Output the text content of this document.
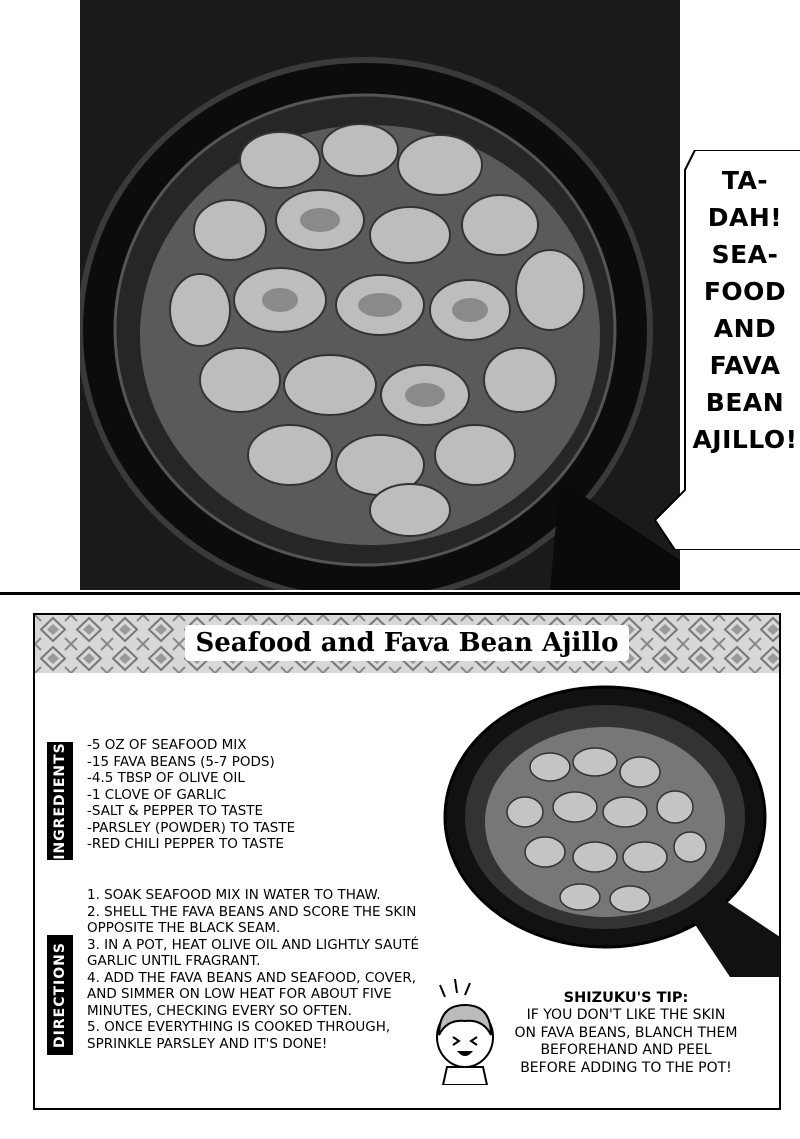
TA-DAH!
SEA-
FOOD
AND
FAVA
BEAN
AJILLO!
Seafood and Fava Bean Ajillo
INGREDIENTS -5 OZ OF SEAFOOD MIX
-15 FAVA BEANS (5-7 PODS)
-4.5 TBSP OF OLIVE OIL
-1 CLOVE OF GARLIC
-SALT & PEPPER TO TASTE
-PARSLEY (POWDER) TO TASTE
-RED CHILI PEPPER TO TASTE
DIRECTIONS
1. SOAK SEAFOOD MIX IN WATER TO THAW.
2. SHELL THE FAVA BEANS AND SCORE THE SKIN OPPOSITE THE BLACK SEAM.
3. IN A POT, HEAT OLIVE OIL AND LIGHTLY SAUTÉ GARLIC UNTIL FRAGRANT.
4. ADD THE FAVA BEANS AND SEAFOOD, COVER, AND SIMMER ON LOW HEAT FOR ABOUT FIVE MINUTES, CHECKING EVERY SO OFTEN.
5. ONCE EVERYTHING IS COOKED THROUGH, SPRINKLE PARSLEY AND IT'S DONE!
SHIZUKU'S TIP:
IF YOU DON'T LIKE THE SKIN
ON FAVA BEANS, BLANCH THEM
BEFOREHAND AND PEEL
BEFORE ADDING TO THE POT!
